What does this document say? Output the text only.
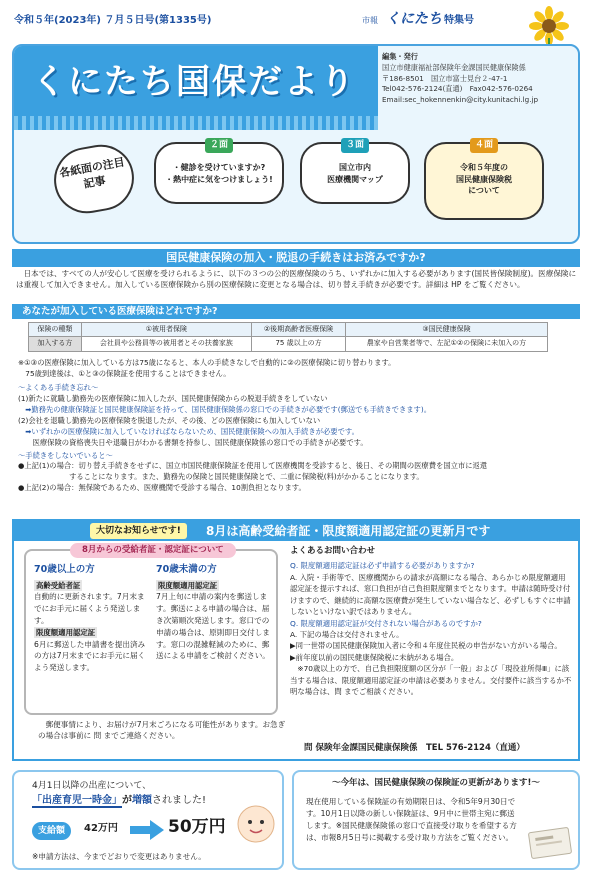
令和５年(2023年) ７月５日号(第1335号)	市報 くにたち 特集号
くにたち国保だより
編集・発行
国立市健康福祉部保険年金課国民健康保険係
〒186-8501　国立市富士見台２-47-1
Tel042-576-2124(直通)　Fax042-576-0264
Email:sec_hokennenkin@city.kunitachi.lg.jp
各紙面の注目記事
２面
・健診を受けていますか?
・熱中症に気をつけましょう!
３面
国立市内
医療機関マップ
４面
令和５年度の
国民健康保険税
について
国民健康保険の加入・脱退の手続きはお済みですか?
　日本では、すべての人が安心して医療を受けられるように、以下の３つの公的医療保険のうち、いずれかに加入する必要があります(国民皆保険制度)。医療保険には重複して加入できません。加入している医療保険から別の医療保険に変更となる場合は、切り替え手続きが必要です。詳細は HP をご覧ください。
あなたが加入している医療保険はどれですか?
保険の種類	①被用者保険	②後期高齢者医療保険	③国民健康保険
加入する方	会社員や公務員等の被用者とその扶養家族	75 歳以上の方	農家や自営業者等で、左記①②の保険に未加入の方
※①③の医療保険に加入している方は75歳になると、本人の手続きなしで自動的に②の医療保険に切り替わります。
　75歳到達後は、①と③の保険証を使用することはできません。
〜よくある手続き忘れ〜
(1)新たに就職し勤務先の医療保険に加入したが、国民健康保険からの脱退手続きをしていない
　➡勤務先の健康保険証と国民健康保険証を持って、国民健康保険係の窓口での手続きが必要です(郵送でも手続きできます)。
(2)会社を退職し勤務先の医療保険を脱退したが、その後、どの医療保険にも加入していない
　➡いずれかの医療保険に加入していなければならないため、国民健康保険への加入手続きが必要です。
　　医療保険の資格喪失日や退職日がわかる書類を持参し、国民健康保険係の窓口での手続きが必要です。
〜手続きをしないでいると〜
●上記(1)の場合：切り替え手続きをせずに、国立市国民健康保険証を使用して医療機関を受診すると、後日、その期間の医療費を国立市に返還
　　　　　　　することになります。また、勤務先の保険と国民健康保険とで、二重に保険税(料)がかかることになります。
●上記(2)の場合：無保険であるため、医療機関で受診する場合、10割負担となります。
大切なお知らせです!	8月は高齢受給者証・限度額適用認定証の更新月です
8月からの受給者証・認定証について
70歳以上の方
高齢受給者証
自動的に更新されます。7月末までにお手元に届くよう発送します。
限度額適用認定証
6月に郵送した申請書を提出済みの方は7月末までにお手元に届くよう発送します。
70歳未満の方
限度額適用認定証
7月上旬に申請の案内を郵送します。郵送による申請の場合は、届き次第順次発送します。窓口での申請の場合は、原則即日交付します。窓口の混雑軽減のために、郵送による申請をご検討ください。
　郵便事情により、お届けが7月末ごろになる可能性があります。お急ぎの場合は事前に 問 までご連絡ください。
よくあるお問い合わせ
Q. 限度額適用認定証は必ず申請する必要がありますか?
A. 入院・手術等で、医療機関からの請求が高額になる場合、あらかじめ限度額適用認定証を提示すれば、窓口負担が自己負担限度額までとなります。申請は随時受け付けますので、継続的に高額な医療費が発生していない場合など、必ずしもすぐに申請しないといけない訳ではありません。
Q. 限度額適用認定証が交付されない場合があるのですか?
A. 下記の場合は交付されません。
▶同一世帯の国民健康保険加入者に令和４年度住民税の申告がない方がいる場合。
▶前年度以前の国民健康保険税に未納がある場合。
　※70歳以上の方で、自己負担限度額の区分が「一般」および「現役並所得Ⅲ」に該当する場合は、限度額適用認定証の申請は必要ありません。交付要件に該当するか不明な場合は、問 までご相談ください。
問 保険年金課国民健康保険係　TEL 576-2124（直通）
4月1日以降の出産について、
「出産育児一時金」が増額されました!
支給額	42万円	50万円
※申請方法は、今までどおりで変更はありません。
〜今年は、国民健康保険の保険証の更新があります!〜
現在使用している保険証の有効期限日は、令和5年9月30日です。10月1日以降の新しい保険証は、9月中に世帯主宛に郵送します。※国民健康保険係の窓口で直接受け取りを希望する方は、市報8月5日号に掲載する受け取り方法をご覧ください。
